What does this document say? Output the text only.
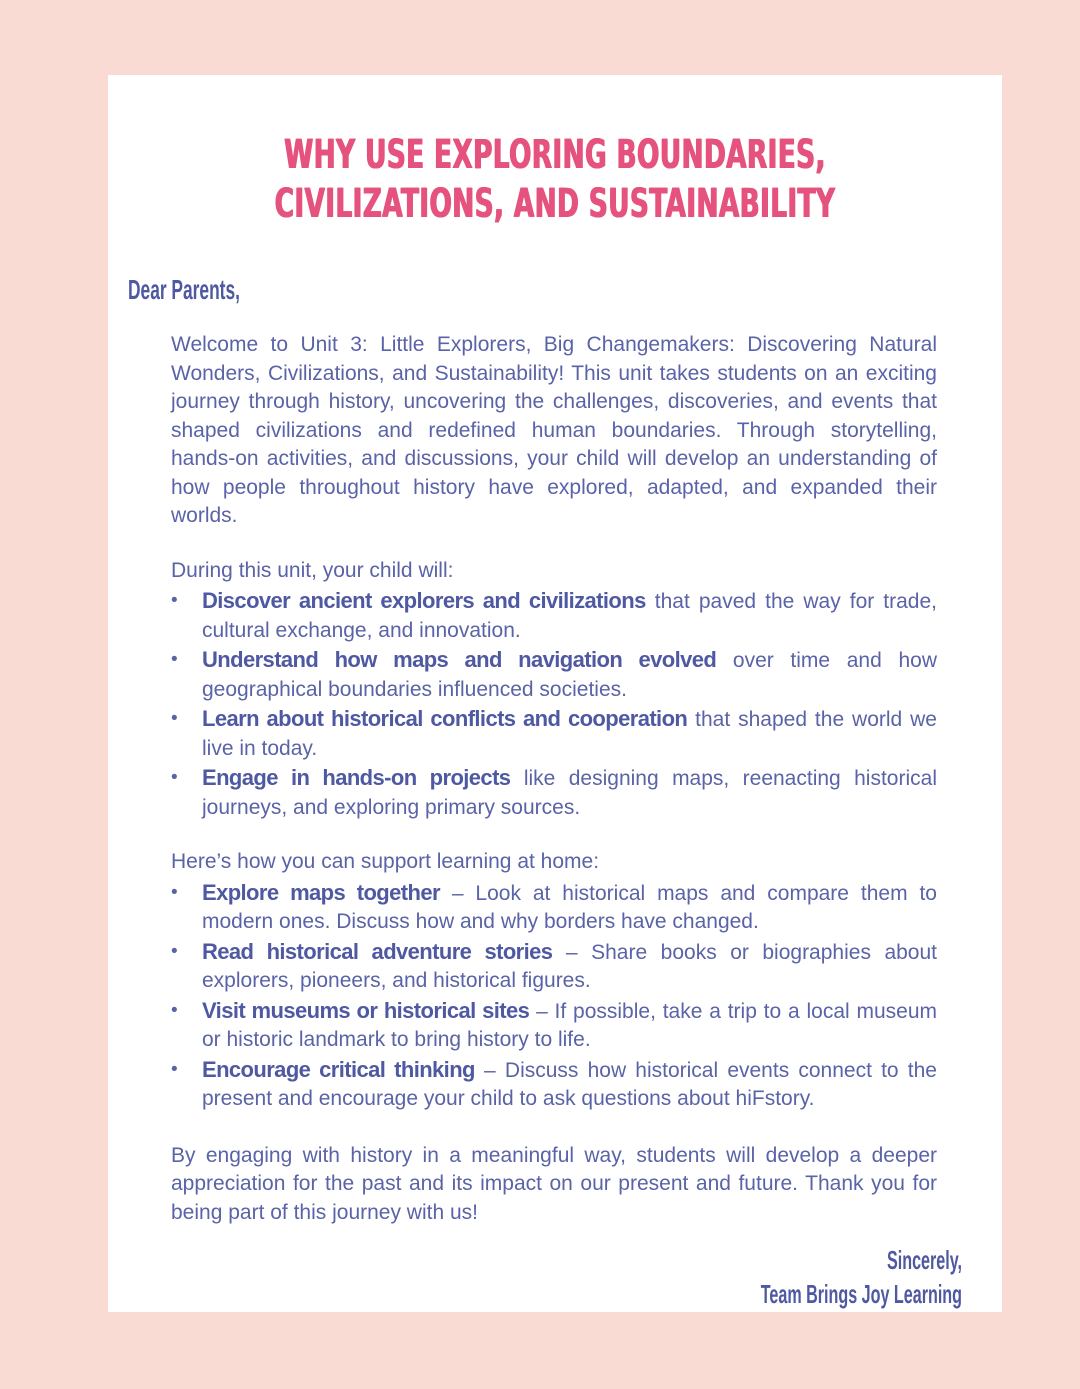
WHY USE EXPLORING BOUNDARIES,
CIVILIZATIONS, AND SUSTAINABILITY
Dear Parents,

Welcome to Unit 3: Little Explorers, Big Changemakers: Discovering Natural Wonders, Civilizations, and Sustainability! This unit takes students on an exciting journey through history, uncovering the challenges, discoveries, and events that shaped civilizations and redefined human boundaries. Through storytelling, hands-on activities, and discussions, your child will develop an understanding of how people throughout history have explored, adapted, and expanded their worlds.

During this unit, your child will:

•	Discover ancient explorers and civilizations that paved the way for trade, cultural exchange, and innovation.

•	Understand how maps and navigation evolved over time and how geographical boundaries influenced societies.

•	Learn about historical conflicts and cooperation that shaped the world we live in today.

•	Engage in hands-on projects like designing maps, reenacting historical journeys, and exploring primary sources.

Here’s how you can support learning at home:

•	Explore maps together – Look at historical maps and compare them to modern ones. Discuss how and why borders have changed.

•	Read historical adventure stories – Share books or biographies about explorers, pioneers, and historical figures.

•	Visit museums or historical sites – If possible, take a trip to a local museum or historic landmark to bring history to life.

•	Encourage critical thinking – Discuss how historical events connect to the present and encourage your child to ask questions about hiFstory.

By engaging with history in a meaningful way, students will develop a deeper appreciation for the past and its impact on our present and future. Thank you for being part of this journey with us!

Sincerely,
Team Brings Joy Learning
